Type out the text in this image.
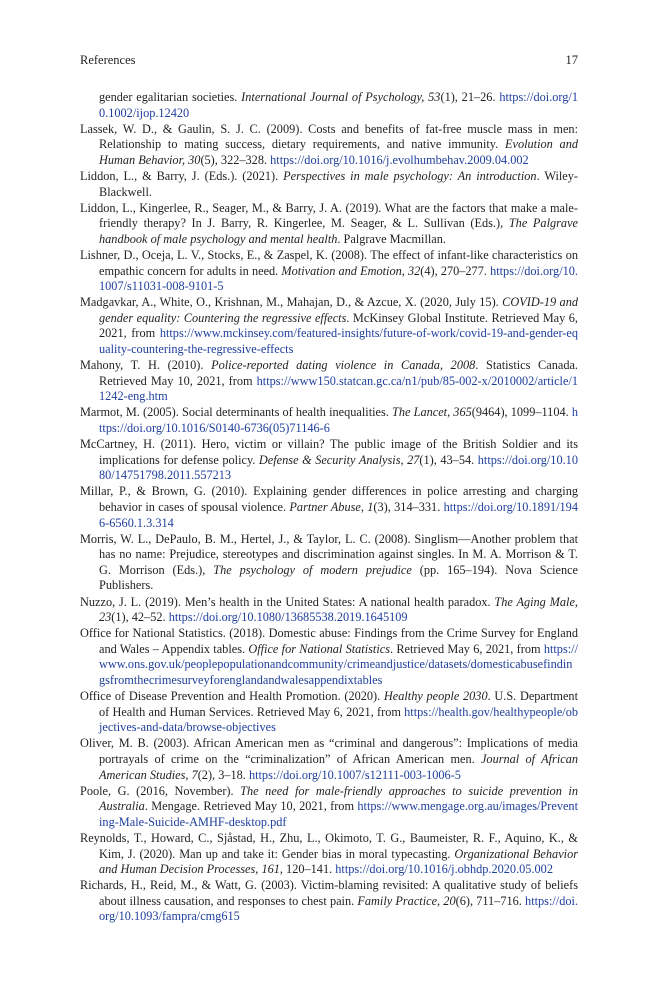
References	17

gender egalitarian societies. International Journal of Psychology, 53(1), 21–26. https://doi.org/10.1002/ijop.12420

Lassek, W. D., & Gaulin, S. J. C. (2009). Costs and benefits of fat-free muscle mass in men: Relationship to mating success, dietary requirements, and native immunity. Evolution and Human Behavior, 30(5), 322–328. https://doi.org/10.1016/j.evolhumbehav.2009.04.002

Liddon, L., & Barry, J. (Eds.). (2021). Perspectives in male psychology: An introduction. Wiley-Blackwell.

Liddon, L., Kingerlee, R., Seager, M., & Barry, J. A. (2019). What are the factors that make a male-friendly therapy? In J. Barry, R. Kingerlee, M. Seager, & L. Sullivan (Eds.), The Palgrave handbook of male psychology and mental health. Palgrave Macmillan.

Lishner, D., Oceja, L. V., Stocks, E., & Zaspel, K. (2008). The effect of infant-like characteristics on empathic concern for adults in need. Motivation and Emotion, 32(4), 270–277. https://doi.org/10.1007/s11031-008-9101-5

Madgavkar, A., White, O., Krishnan, M., Mahajan, D., & Azcue, X. (2020, July 15). COVID-19 and gender equality: Countering the regressive effects. McKinsey Global Institute. Retrieved May 6, 2021, from https://www.mckinsey.com/featured-insights/future-of-work/covid-19-and-gender-equality-countering-the-regressive-effects

Mahony, T. H. (2010). Police-reported dating violence in Canada, 2008. Statistics Canada. Retrieved May 10, 2021, from https://www150.statcan.gc.ca/n1/pub/85-002-x/2010002/article/11242-eng.htm

Marmot, M. (2005). Social determinants of health inequalities. The Lancet, 365(9464), 1099–1104. https://doi.org/10.1016/S0140-6736(05)71146-6

McCartney, H. (2011). Hero, victim or villain? The public image of the British Soldier and its implications for defense policy. Defense & Security Analysis, 27(1), 43–54. https://doi.org/10.1080/14751798.2011.557213

Millar, P., & Brown, G. (2010). Explaining gender differences in police arresting and charging behavior in cases of spousal violence. Partner Abuse, 1(3), 314–331. https://doi.org/10.1891/1946-6560.1.3.314

Morris, W. L., DePaulo, B. M., Hertel, J., & Taylor, L. C. (2008). Singlism—Another problem that has no name: Prejudice, stereotypes and discrimination against singles. In M. A. Morrison & T. G. Morrison (Eds.), The psychology of modern prejudice (pp. 165–194). Nova Science Publishers.

Nuzzo, J. L. (2019). Men’s health in the United States: A national health paradox. The Aging Male, 23(1), 42–52. https://doi.org/10.1080/13685538.2019.1645109

Office for National Statistics. (2018). Domestic abuse: Findings from the Crime Survey for England and Wales – Appendix tables. Office for National Statistics. Retrieved May 6, 2021, from https://www.ons.gov.uk/peoplepopulationandcommunity/crimeandjustice/datasets/domesticabusefindingsfromthecrimesurveyforenglandandwalesappendixtables

Office of Disease Prevention and Health Promotion. (2020). Healthy people 2030. U.S. Department of Health and Human Services. Retrieved May 6, 2021, from https://health.gov/healthypeople/objectives-and-data/browse-objectives

Oliver, M. B. (2003). African American men as “criminal and dangerous”: Implications of media portrayals of crime on the “criminalization” of African American men. Journal of African American Studies, 7(2), 3–18. https://doi.org/10.1007/s12111-003-1006-5

Poole, G. (2016, November). The need for male-friendly approaches to suicide prevention in Australia. Mengage. Retrieved May 10, 2021, from https://www.mengage.org.au/images/Preventing-Male-Suicide-AMHF-desktop.pdf

Reynolds, T., Howard, C., Sjåstad, H., Zhu, L., Okimoto, T. G., Baumeister, R. F., Aquino, K., & Kim, J. (2020). Man up and take it: Gender bias in moral typecasting. Organizational Behavior and Human Decision Processes, 161, 120–141. https://doi.org/10.1016/j.obhdp.2020.05.002

Richards, H., Reid, M., & Watt, G. (2003). Victim-blaming revisited: A qualitative study of beliefs about illness causation, and responses to chest pain. Family Practice, 20(6), 711–716. https://doi.org/10.1093/fampra/cmg615
